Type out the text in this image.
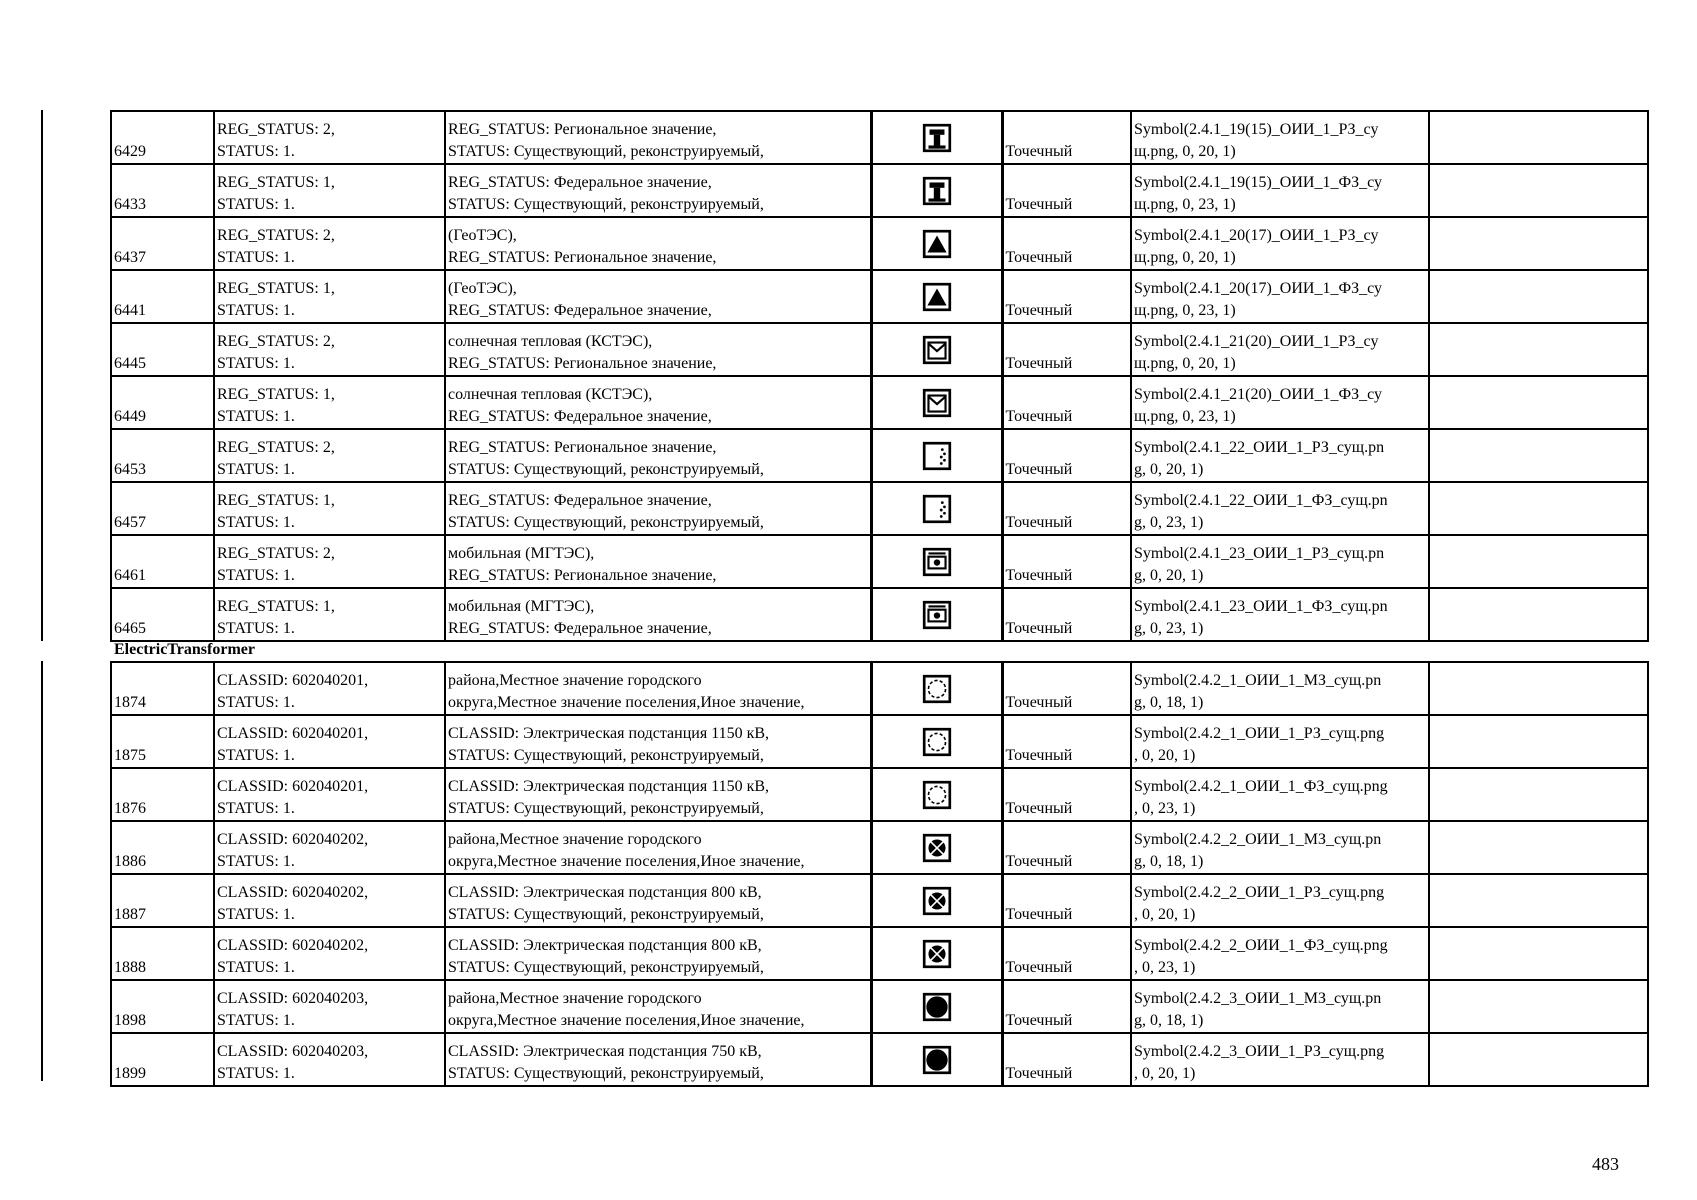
6429	REG_STATUS: 2,
STATUS: 1.	REG_STATUS: Региональное значение,
STATUS: Существующий, реконструируемый,		Точечный	Symbol(2.4.1_19(15)_ОИИ_1_РЗ_су
щ.png, 0, 20, 1)	

6433	REG_STATUS: 1,
STATUS: 1.	REG_STATUS: Федеральное значение,
STATUS: Существующий, реконструируемый,		Точечный	Symbol(2.4.1_19(15)_ОИИ_1_ФЗ_су
щ.png, 0, 23, 1)	

6437	REG_STATUS: 2,
STATUS: 1.	(ГеоТЭС),
REG_STATUS: Региональное значение,		Точечный	Symbol(2.4.1_20(17)_ОИИ_1_РЗ_су
щ.png, 0, 20, 1)	

6441	REG_STATUS: 1,
STATUS: 1.	(ГеоТЭС),
REG_STATUS: Федеральное значение,		Точечный	Symbol(2.4.1_20(17)_ОИИ_1_ФЗ_су
щ.png, 0, 23, 1)	

6445	REG_STATUS: 2,
STATUS: 1.	солнечная тепловая (КСТЭС),
REG_STATUS: Региональное значение,		Точечный	Symbol(2.4.1_21(20)_ОИИ_1_РЗ_су
щ.png, 0, 20, 1)	

6449	REG_STATUS: 1,
STATUS: 1.	солнечная тепловая (КСТЭС),
REG_STATUS: Федеральное значение,		Точечный	Symbol(2.4.1_21(20)_ОИИ_1_ФЗ_су
щ.png, 0, 23, 1)	

6453	REG_STATUS: 2,
STATUS: 1.	REG_STATUS: Региональное значение,
STATUS: Существующий, реконструируемый,		Точечный	Symbol(2.4.1_22_ОИИ_1_РЗ_сущ.pn
g, 0, 20, 1)	

6457	REG_STATUS: 1,
STATUS: 1.	REG_STATUS: Федеральное значение,
STATUS: Существующий, реконструируемый,		Точечный	Symbol(2.4.1_22_ОИИ_1_ФЗ_сущ.pn
g, 0, 23, 1)	

6461	REG_STATUS: 2,
STATUS: 1.	мобильная (МГТЭС),
REG_STATUS: Региональное значение,		Точечный	Symbol(2.4.1_23_ОИИ_1_РЗ_сущ.pn
g, 0, 20, 1)	

6465	REG_STATUS: 1,
STATUS: 1.	мобильная (МГТЭС),
REG_STATUS: Федеральное значение,		Точечный	Symbol(2.4.1_23_ОИИ_1_ФЗ_сущ.pn
g, 0, 23, 1)	

ElectricTransformer
1874	CLASSID: 602040201,
STATUS: 1.	района,Местное значение городского
округа,Местное значение поселения,Иное значение,		Точечный	Symbol(2.4.2_1_ОИИ_1_МЗ_сущ.pn
g, 0, 18, 1)	

1875	CLASSID: 602040201,
STATUS: 1.	CLASSID: Электрическая подстанция 1150 кВ,
STATUS: Существующий, реконструируемый,		Точечный	Symbol(2.4.2_1_ОИИ_1_РЗ_сущ.png
, 0, 20, 1)	

1876	CLASSID: 602040201,
STATUS: 1.	CLASSID: Электрическая подстанция 1150 кВ,
STATUS: Существующий, реконструируемый,		Точечный	Symbol(2.4.2_1_ОИИ_1_ФЗ_сущ.png
, 0, 23, 1)	

1886	CLASSID: 602040202,
STATUS: 1.	района,Местное значение городского
округа,Местное значение поселения,Иное значение,		Точечный	Symbol(2.4.2_2_ОИИ_1_МЗ_сущ.pn
g, 0, 18, 1)	

1887	CLASSID: 602040202,
STATUS: 1.	CLASSID: Электрическая подстанция 800 кВ,
STATUS: Существующий, реконструируемый,		Точечный	Symbol(2.4.2_2_ОИИ_1_РЗ_сущ.png
, 0, 20, 1)	

1888	CLASSID: 602040202,
STATUS: 1.	CLASSID: Электрическая подстанция 800 кВ,
STATUS: Существующий, реконструируемый,		Точечный	Symbol(2.4.2_2_ОИИ_1_ФЗ_сущ.png
, 0, 23, 1)	

1898	CLASSID: 602040203,
STATUS: 1.	района,Местное значение городского
округа,Местное значение поселения,Иное значение,		Точечный	Symbol(2.4.2_3_ОИИ_1_МЗ_сущ.pn
g, 0, 18, 1)	

1899	CLASSID: 602040203,
STATUS: 1.	CLASSID: Электрическая подстанция 750 кВ,
STATUS: Существующий, реконструируемый,		Точечный	Symbol(2.4.2_3_ОИИ_1_РЗ_сущ.png
, 0, 20, 1)	

483
